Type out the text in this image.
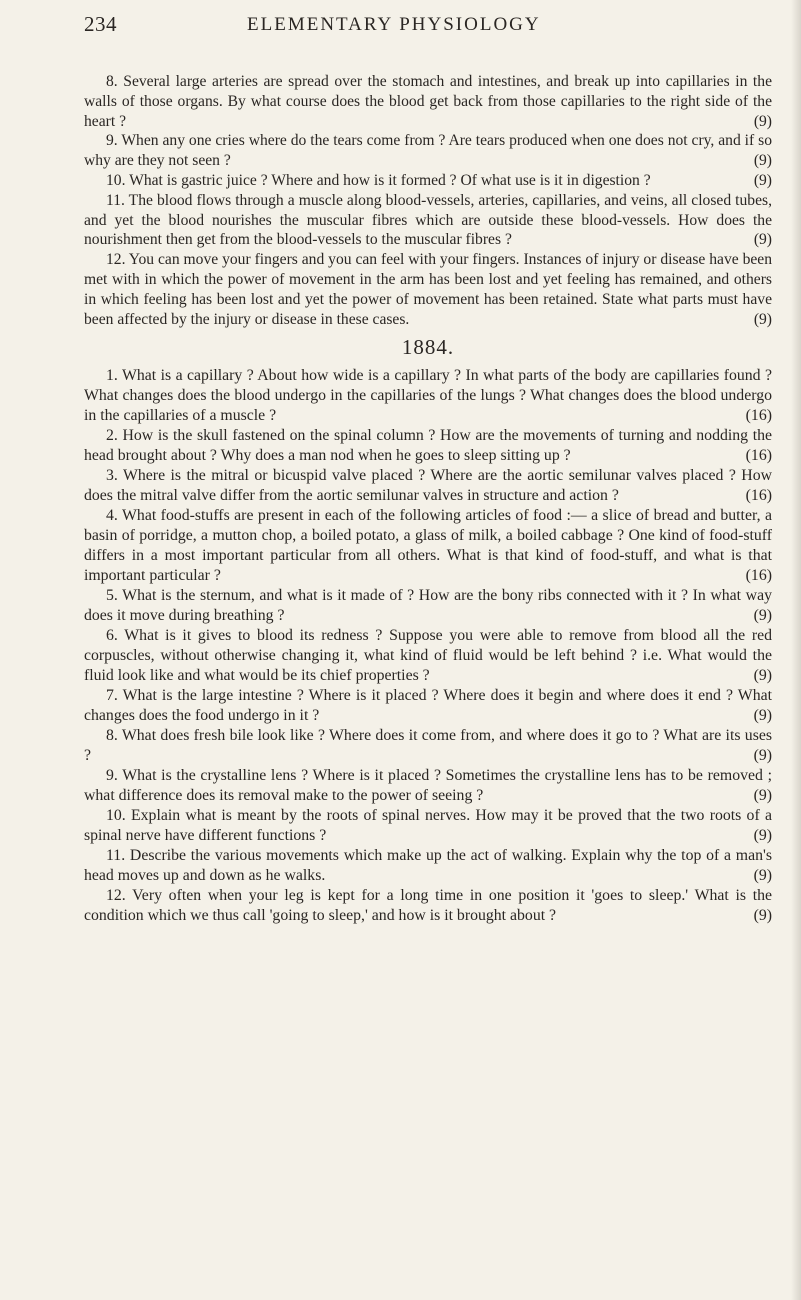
234	ELEMENTARY PHYSIOLOGY

8. Several large arteries are spread over the stomach and intestines, and break up into capillaries in the walls of those organs. By what course does the blood get back from those capillaries to the right side of the heart ?	(9)

9. When any one cries where do the tears come from ? Are tears produced when one does not cry, and if so why are they not seen ?	(9)

10. What is gastric juice ? Where and how is it formed ? Of what use is it in digestion ?	(9)

11. The blood flows through a muscle along blood-vessels, arteries, capillaries, and veins, all closed tubes, and yet the blood nourishes the muscular fibres which are outside these blood-vessels. How does the nourishment then get from the blood-vessels to the muscular fibres ?	(9)

12. You can move your fingers and you can feel with your fingers. Instances of injury or disease have been met with in which the power of movement in the arm has been lost and yet feeling has remained, and others in which feeling has been lost and yet the power of movement has been retained. State what parts must have been affected by the injury or disease in these cases.	(9)

1884.

1. What is a capillary ? About how wide is a capillary ? In what parts of the body are capillaries found ? What changes does the blood undergo in the capillaries of the lungs ? What changes does the blood undergo in the capillaries of a muscle ?	(16)

2. How is the skull fastened on the spinal column ? How are the movements of turning and nodding the head brought about ? Why does a man nod when he goes to sleep sitting up ?	(16)

3. Where is the mitral or bicuspid valve placed ? Where are the aortic semilunar valves placed ? How does the mitral valve differ from the aortic semilunar valves in structure and action ?	(16)

4. What food-stuffs are present in each of the following articles of food :— a slice of bread and butter, a basin of porridge, a mutton chop, a boiled potato, a glass of milk, a boiled cabbage ? One kind of food-stuff differs in a most important particular from all others. What is that kind of food-stuff, and what is that important particular ?	(16)

5. What is the sternum, and what is it made of ? How are the bony ribs connected with it ? In what way does it move during breathing ?	(9)

6. What is it gives to blood its redness ? Suppose you were able to remove from blood all the red corpuscles, without otherwise changing it, what kind of fluid would be left behind ? i.e. What would the fluid look like and what would be its chief properties ?	(9)

7. What is the large intestine ? Where is it placed ? Where does it begin and where does it end ? What changes does the food undergo in it ?	(9)

8. What does fresh bile look like ? Where does it come from, and where does it go to ? What are its uses ?	(9)

9. What is the crystalline lens ? Where is it placed ? Sometimes the crystalline lens has to be removed ; what difference does its removal make to the power of seeing ?	(9)

10. Explain what is meant by the roots of spinal nerves. How may it be proved that the two roots of a spinal nerve have different functions ?	(9)

11. Describe the various movements which make up the act of walking. Explain why the top of a man's head moves up and down as he walks.	(9)

12. Very often when your leg is kept for a long time in one position it 'goes to sleep.' What is the condition which we thus call 'going to sleep,' and how is it brought about ?	(9)
